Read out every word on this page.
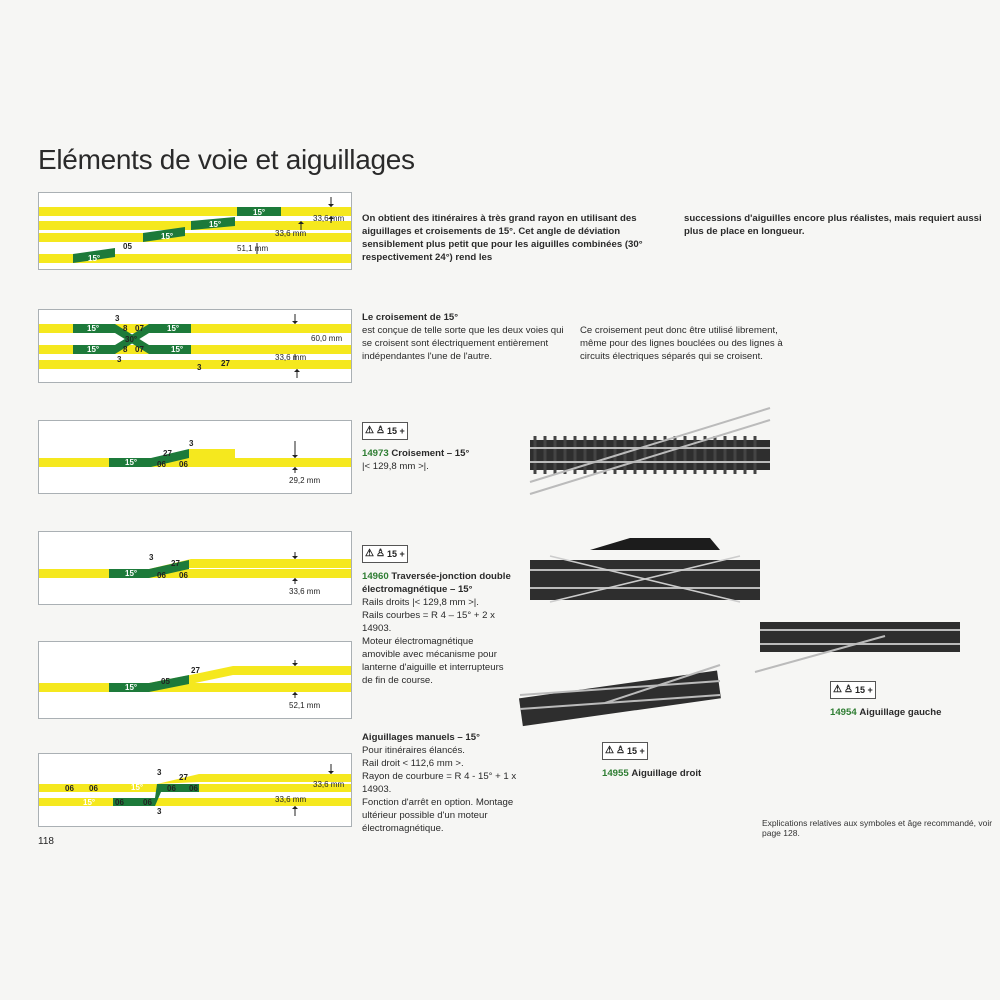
Eléments de voie et aiguillages
15°
05
15°
15°
15°
33,6 mm
33,6 mm
51,1 mm
15°
15°
15°
15°
30°
8
8
07
07
3
3
3 27
60,0 mm
33,6 mm
15°
27
3
06 06
29,2 mm
15°
27
3
06 06
33,6 mm
15°
05
27
52,1 mm
06 06
15°
15°
06 06
06 06
3
3
27
33,6 mm
33,6 mm
On obtient des itinéraires à très grand rayon en utilisant des aiguillages et croisements de 15°. Cet angle de déviation sensiblement plus petit que pour les aiguilles combinées (30° respectivement 24°) rend les
successions d'aiguilles encore plus réalistes, mais requiert aussi plus de place en longueur.
Le croisement de 15°
est conçue de telle sorte que les deux voies qui se croisent sont électriquement entièrement indépendantes l'une de l'autre.
Ce croisement peut donc être utilisé librement, même pour des lignes bouclées ou des lignes à circuits électriques séparés qui se croisent.
⚠ ♙ 15 +
14973 Croisement – 15°
|< 129,8 mm >|.
⚠ ♙ 15 +
14960 Traversée-jonction double électromagnétique – 15°
Rails droits |< 129,8 mm >|.
Rails courbes = R 4 – 15° + 2 x 14903.
Moteur électromagnétique amovible avec mécanisme pour lanterne d'aiguille et interrupteurs de fin de course.
Aiguillages manuels – 15°
Pour itinéraires élancés.
Rail droit < 112,6 mm >.
Rayon de courbure = R 4 - 15° + 1 x 14903.
Fonction d'arrêt en option. Montage ultérieur possible d'un moteur électromagnétique.
⚠ ♙ 15 +
14955 Aiguillage droit
⚠ ♙ 15 +
14954 Aiguillage gauche
118
Explications relatives aux symboles et âge recommandé, voir page 128.
